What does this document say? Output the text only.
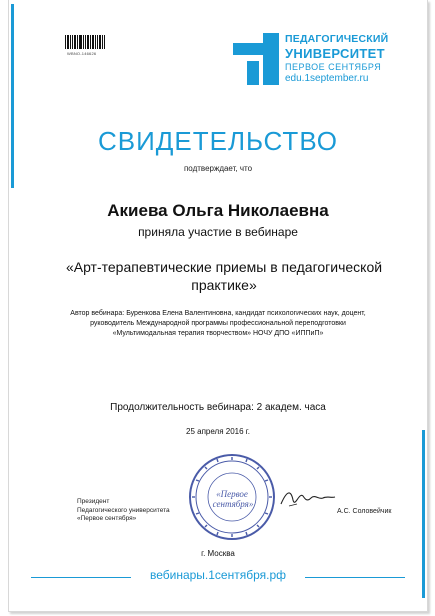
WBNO-146626
ПЕДАГОГИЧЕСКИЙ
УНИВЕРСИТЕТ
ПЕРВОЕ СЕНТЯБРЯ
edu.1september.ru
СВИДЕТЕЛЬСТВО
подтверждает, что
Акиева Ольга Николаевна
приняла участие в вебинаре
«Арт-терапевтические приемы в педагогической практике»
Автор вебинара: Буренкова Елена Валентиновна, кандидат психологических наук, доцент, руководитель Международной программы профессиональной переподготовки «Мультимодальная терапия творчеством» НОЧУ ДПО «ИППиП»
Продолжительность вебинара: 2 академ. часа
25 апреля 2016 г.
«Первое
сентября»
Президент
Педагогического университета
«Первое сентября»
А.С. Соловейчик
г. Москва
вебинары.1сентября.рф
